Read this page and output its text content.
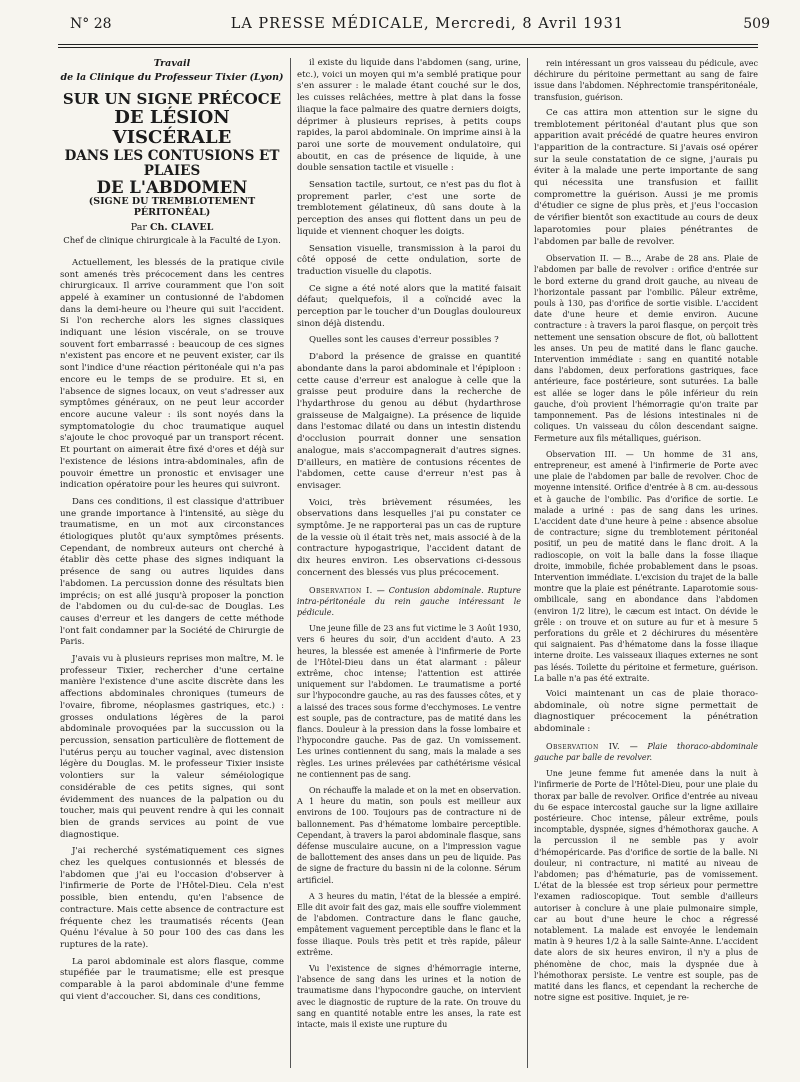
N° 28	LA PRESSE MÉDICALE, Mercredi, 8 Avril 1931	509
Travail
de la Clinique du Professeur Tixier (Lyon)
SUR UN SIGNE PRÉCOCE
DE LÉSION VISCÉRALE
DANS LES CONTUSIONS ET PLAIES
DE L'ABDOMEN
(SIGNE DU TREMBLOTEMENT PÉRITONÉAL)
Par Ch. CLAVEL
Chef de clinique chirurgicale à la Faculté de Lyon.

Actuellement, les blessés de la pratique civile sont amenés très précocement dans les centres chirurgicaux. Il arrive couramment que l'on soit appelé à examiner un contusionné de l'abdomen dans la demi-heure ou l'heure qui suit l'accident. Si l'on recherche alors les signes classiques indiquant une lésion viscérale, on se trouve souvent fort embarrassé : beaucoup de ces signes n'existent pas encore et ne peuvent exister, car ils sont l'indice d'une réaction péritonéale qui n'a pas encore eu le temps de se produire. Et si, en l'absence de signes locaux, on veut s'adresser aux symptômes généraux, on ne peut leur accorder encore aucune valeur : ils sont noyés dans la symptomatologie du choc traumatique auquel s'ajoute le choc provoqué par un transport récent. Et pourtant on aimerait être fixé d'ores et déjà sur l'existence de lésions intra-abdominales, afin de pouvoir émettre un pronostic et envisager une indication opératoire pour les heures qui suivront.

Dans ces conditions, il est classique d'attribuer une grande importance à l'intensité, au siège du traumatisme, en un mot aux circonstances étiologiques plutôt qu'aux symptômes présents. Cependant, de nombreux auteurs ont cherché à établir dès cette phase des signes indiquant la présence de sang ou autres liquides dans l'abdomen. La percussion donne des résultats bien imprécis; on est allé jusqu'à proposer la ponction de l'abdomen ou du cul-de-sac de Douglas. Les causes d'erreur et les dangers de cette méthode l'ont fait condamner par la Société de Chirurgie de Paris.

J'avais vu à plusieurs reprises mon maître, M. le professeur Tixier, rechercher d'une certaine manière l'existence d'une ascite discrète dans les affections abdominales chroniques (tumeurs de l'ovaire, fibrome, néoplasmes gastriques, etc.) : grosses ondulations légères de la paroi abdominale provoquées par la succussion ou la percussion, sensation particulière de flottement de l'utérus perçu au toucher vaginal, avec distension légère du Douglas. M. le professeur Tixier insiste volontiers sur la valeur séméiologique considérable de ces petits signes, qui sont évidemment des nuances de la palpation ou du toucher, mais qui peuvent rendre à qui les connait bien de grands services au point de vue diagnostique.

J'ai recherché systématiquement ces signes chez les quelques contusionnés et blessés de l'abdomen que j'ai eu l'occasion d'observer à l'infirmerie de Porte de l'Hôtel-Dieu. Cela n'est possible, bien entendu, qu'en l'absence de contracture. Mais cette absence de contracture est fréquente chez les traumatisés récents (Jean Quénu l'évalue à 50 pour 100 des cas dans les ruptures de la rate).

La paroi abdominale est alors flasque, comme stupéfiée par le traumatisme; elle est presque comparable à la paroi abdominale d'une femme qui vient d'accoucher. Si, dans ces conditions,

il existe du liquide dans l'abdomen (sang, urine, etc.), voici un moyen qui m'a semblé pratique pour s'en assurer : le malade étant couché sur le dos, les cuisses relâchées, mettre à plat dans la fosse iliaque la face palmaire des quatre derniers doigts, déprimer à plusieurs reprises, à petits coups rapides, la paroi abdominale. On imprime ainsi à la paroi une sorte de mouvement ondulatoire, qui aboutit, en cas de présence de liquide, à une double sensation tactile et visuelle :

Sensation tactile, surtout, ce n'est pas du flot à proprement parler, c'est une sorte de tremblotement gélatineux, dû sans doute à la perception des anses qui flottent dans un peu de liquide et viennent choquer les doigts.

Sensation visuelle, transmission à la paroi du côté opposé de cette ondulation, sorte de traduction visuelle du clapotis.

Ce signe a été noté alors que la matité faisait défaut; quelquefois, il a coïncidé avec la perception par le toucher d'un Douglas douloureux sinon déjà distendu.

Quelles sont les causes d'erreur possibles ?

D'abord la présence de graisse en quantité abondante dans la paroi abdominale et l'épiploon : cette cause d'erreur est analogue à celle que la graisse peut produire dans la recherche de l'hydarthrose du genou au début (hydarthrose graisseuse de Malgaigne). La présence de liquide dans l'estomac dilaté ou dans un intestin distendu d'occlusion pourrait donner une sensation analogue, mais s'accompagnerait d'autres signes. D'ailleurs, en matière de contusions récentes de l'abdomen, cette cause d'erreur n'est pas à envisager.

Voici, très brièvement résumées, les observations dans lesquelles j'ai pu constater ce symptôme. Je ne rapporterai pas un cas de rupture de la vessie où il était très net, mais associé à de la contracture hypogastrique, l'accident datant de dix heures environ. Les observations ci-dessous concernent des blessés vus plus précocement.

Observation I. — Contusion abdominale. Rupture intra-péritonéale du rein gauche intéressant le pédicule.

Une jeune fille de 23 ans fut victime le 3 Août 1930, vers 6 heures du soir, d'un accident d'auto. A 23 heures, la blessée est amenée à l'infirmerie de Porte de l'Hôtel-Dieu dans un état alarmant : pâleur extrême, choc intense; l'attention est attirée uniquement sur l'abdomen. Le traumatisme a porté sur l'hypocondre gauche, au ras des fausses côtes, et y a laissé des traces sous forme d'ecchymoses. Le ventre est souple, pas de contracture, pas de matité dans les flancs. Douleur à la pression dans la fosse lombaire et l'hypocondre gauche. Pas de gaz. Un vomissement. Les urines contiennent du sang, mais la malade a ses règles. Les urines prélevées par cathétérisme vésical ne contiennent pas de sang.

On réchauffe la malade et on la met en observation. A 1 heure du matin, son pouls est meilleur aux environs de 100. Toujours pas de contracture ni de ballonnement. Pas d'hématome lombaire perceptible. Cependant, à travers la paroi abdominale flasque, sans défense musculaire aucune, on a l'impression vague de ballottement des anses dans un peu de liquide. Pas de signe de fracture du bassin ni de la colonne. Sérum artificiel.

A 3 heures du matin, l'état de la blessée a empiré. Elle dit avoir fait des gaz, mais elle souffre violemment de l'abdomen. Contracture dans le flanc gauche, empâtement vaguement perceptible dans le flanc et la fosse iliaque. Pouls très petit et très rapide, pâleur extrême.

Vu l'existence de signes d'hémorragie interne, l'absence de sang dans les urines et la notion de traumatisme dans l'hypocondre gauche, on intervient avec le diagnostic de rupture de la rate. On trouve du sang en quantité notable entre les anses, la rate est intacte, mais il existe une rupture du

rein intéressant un gros vaisseau du pédicule, avec déchirure du péritoine permettant au sang de faire issue dans l'abdomen. Néphrectomie transpéritonéale, transfusion, guérison.

Ce cas attira mon attention sur le signe du tremblotement péritonéal d'autant plus que son apparition avait précédé de quatre heures environ l'apparition de la contracture. Si j'avais osé opérer sur la seule constatation de ce signe, j'aurais pu éviter à la malade une perte importante de sang qui nécessita une transfusion et faillit compromettre la guérison. Aussi je me promis d'étudier ce signe de plus près, et j'eus l'occasion de vérifier bientôt son exactitude au cours de deux laparotomies pour plaies pénétrantes de l'abdomen par balle de revolver.

Observation II. — B..., Arabe de 28 ans. Plaie de l'abdomen par balle de revolver : orifice d'entrée sur le bord externe du grand droit gauche, au niveau de l'horizontale passant par l'ombilic. Pâleur extrême, pouls à 130, pas d'orifice de sortie visible. L'accident date d'une heure et demie environ. Aucune contracture : à travers la paroi flasque, on perçoit très nettement une sensation obscure de flot, où ballottent les anses. Un peu de matité dans le flanc gauche. Intervention immédiate : sang en quantité notable dans l'abdomen, deux perforations gastriques, face antérieure, face postérieure, sont suturées. La balle est allée se loger dans le pôle inférieur du rein gauche, d'où provient l'hémorragie qu'on traite par tamponnement. Pas de lésions intestinales ni de coliques. Un vaisseau du côlon descendant saigne. Fermeture aux fils métalliques, guérison.

Observation III. — Un homme de 31 ans, entrepreneur, est amené à l'infirmerie de Porte avec une plaie de l'abdomen par balle de revolver. Choc de moyenne intensité. Orifice d'entrée à 8 cm. au-dessous et à gauche de l'ombilic. Pas d'orifice de sortie. Le malade a uriné : pas de sang dans les urines. L'accident date d'une heure à peine : absence absolue de contracture; signe du tremblotement péritonéal positif, un peu de matité dans le flanc droit. A la radioscopie, on voit la balle dans la fosse iliaque droite, immobile, fichée probablement dans le psoas. Intervention immédiate. L'excision du trajet de la balle montre que la plaie est pénétrante. Laparotomie sous-ombilicale, sang en abondance dans l'abdomen (environ 1/2 litre), le cæcum est intact. On dévide le grêle : on trouve et on suture au fur et à mesure 5 perforations du grêle et 2 déchirures du mésentère qui saignaient. Pas d'hématome dans la fosse iliaque interne droite. Les vaisseaux iliaques externes ne sont pas lésés. Toilette du péritoine et fermeture, guérison. La balle n'a pas été extraite.

Voici maintenant un cas de plaie thoraco-abdominale, où notre signe permettait de diagnostiquer précocement la pénétration abdominale :

Observation IV. — Plaie thoraco-abdominale gauche par balle de revolver.

Une jeune femme fut amenée dans la nuit à l'infirmerie de Porte de l'Hôtel-Dieu, pour une plaie du thorax par balle de revolver. Orifice d'entrée au niveau du 6e espace intercostal gauche sur la ligne axillaire postérieure. Choc intense, pâleur extrême, pouls incomptable, dyspnée, signes d'hémothorax gauche. A la percussion il ne semble pas y avoir d'hémopéricarde. Pas d'orifice de sortie de la balle. Ni douleur, ni contracture, ni matité au niveau de l'abdomen; pas d'hématurie, pas de vomissement. L'état de la blessée est trop sérieux pour permettre l'examen radioscopique. Tout semble d'ailleurs autoriser à conclure à une plaie pulmonaire simple, car au bout d'une heure le choc a régressé notablement. La malade est envoyée le lendemain matin à 9 heures 1/2 à la salle Sainte-Anne. L'accident date alors de six heures environ, il n'y a plus de phénomène de choc, mais la dyspnée due à l'hémothorax persiste. Le ventre est souple, pas de matité dans les flancs, et cependant la recherche de notre signe est positive. Inquiet, je re-
